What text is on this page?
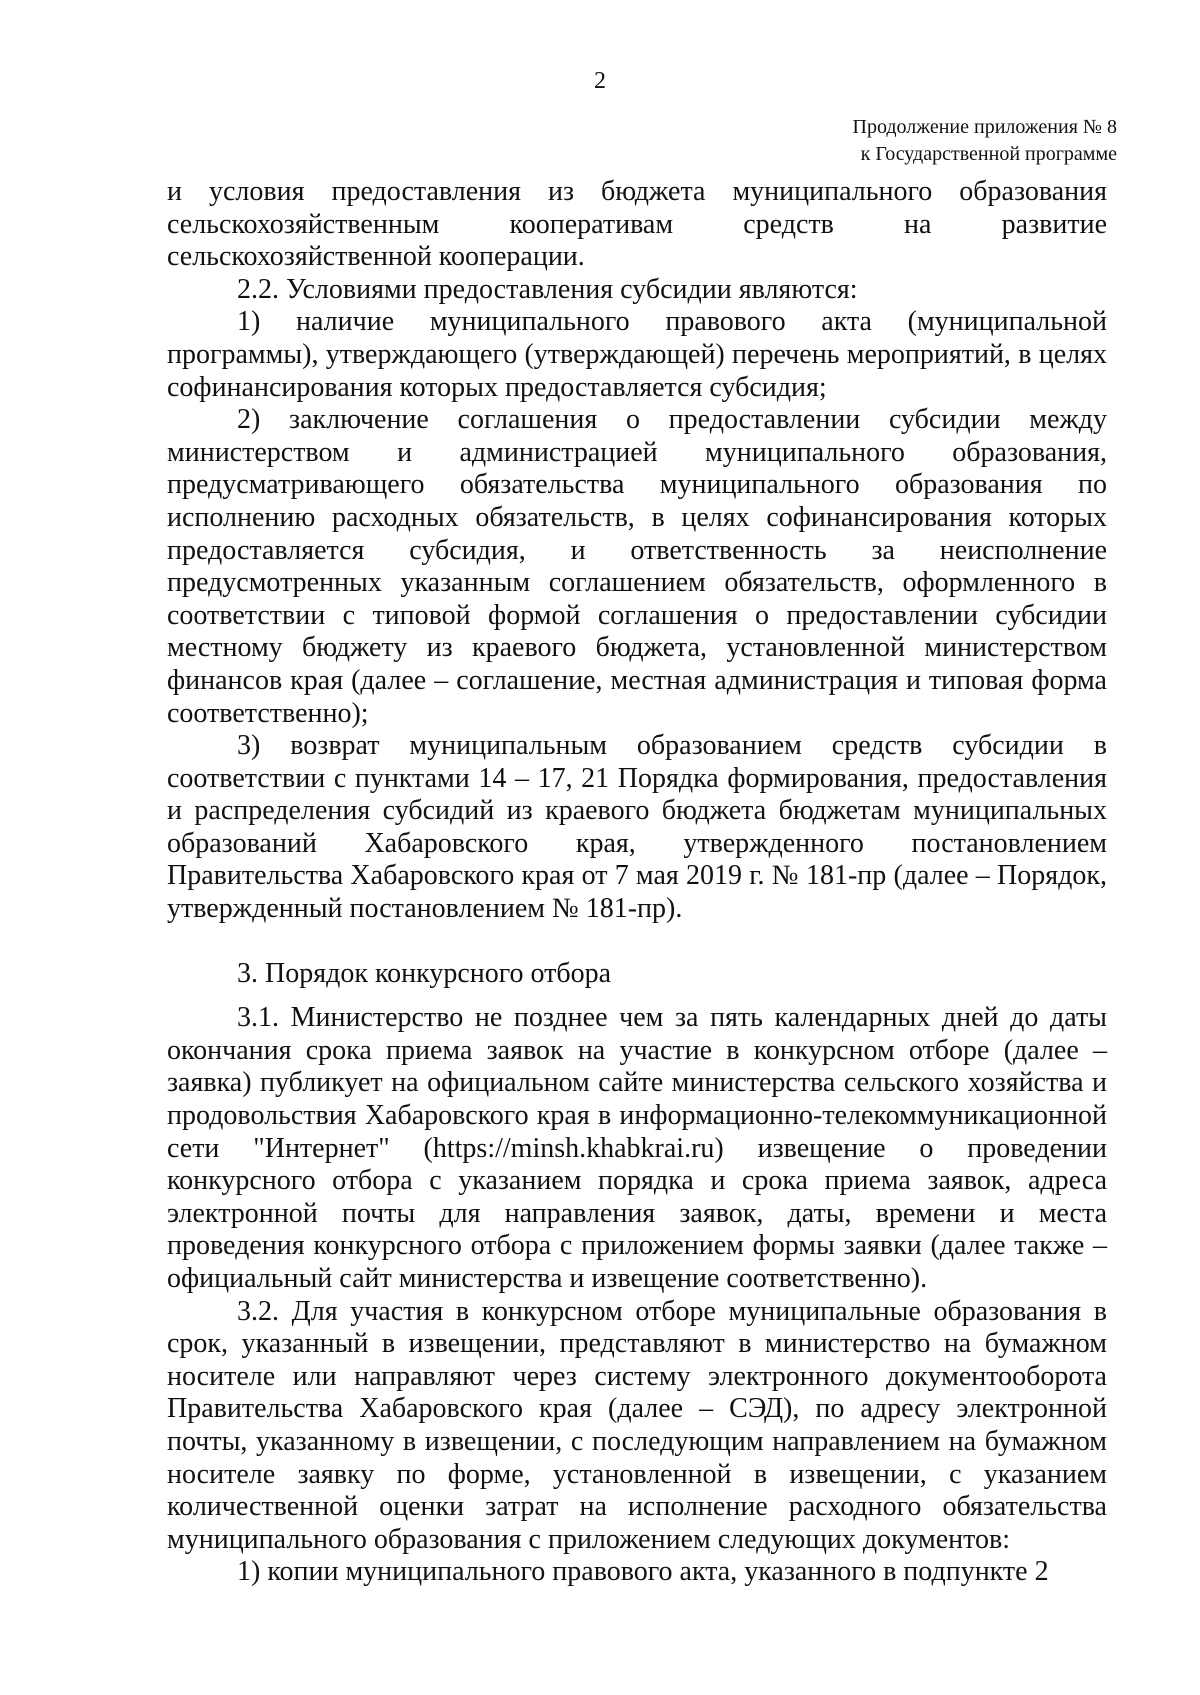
2
Продолжение приложения № 8
к Государственной программе

и условия предоставления из бюджета муниципального образования сельскохозяйственным кооперативам средств на развитие сельскохозяйственной кооперации.

2.2. Условиями предоставления субсидии являются:

1) наличие муниципального правового акта (муниципальной программы), утверждающего (утверждающей) перечень мероприятий, в целях софинансирования которых предоставляется субсидия;

2) заключение соглашения о предоставлении субсидии между министерством и администрацией муниципального образования, предусматривающего обязательства муниципального образования по исполнению расходных обязательств, в целях софинансирования которых предоставляется субсидия, и ответственность за неисполнение предусмотренных указанным соглашением обязательств, оформленного в соответствии с типовой формой соглашения о предоставлении субсидии местному бюджету из краевого бюджета, установленной министерством финансов края (далее – соглашение, местная администрация и типовая форма соответственно);

3) возврат муниципальным образованием средств субсидии в соответствии с пунктами 14 – 17, 21 Порядка формирования, предоставления и распределения субсидий из краевого бюджета бюджетам муниципальных образований Хабаровского края, утвержденного постановлением Правительства Хабаровского края от 7 мая 2019 г. № 181-пр (далее – Порядок, утвержденный постановлением № 181-пр).

3. Порядок конкурсного отбора

3.1. Министерство не позднее чем за пять календарных дней до даты окончания срока приема заявок на участие в конкурсном отборе (далее – заявка) публикует на официальном сайте министерства сельского хозяйства и продовольствия Хабаровского края в информационно-телекоммуникационной сети "Интернет" (https://minsh.khabkrai.ru) извещение о проведении конкурсного отбора с указанием порядка и срока приема заявок, адреса электронной почты для направления заявок, даты, времени и места проведения конкурсного отбора с приложением формы заявки (далее также – официальный сайт министерства и извещение соответственно).

3.2. Для участия в конкурсном отборе муниципальные образования в срок, указанный в извещении, представляют в министерство на бумажном носителе или направляют через систему электронного документооборота Правительства Хабаровского края (далее – СЭД), по адресу электронной почты, указанному в извещении, с последующим направлением на бумажном носителе заявку по форме, установленной в извещении, с указанием количественной оценки затрат на исполнение расходного обязательства муниципального образования с приложением следующих документов:

1) копии муниципального правового акта, указанного в подпункте 2
